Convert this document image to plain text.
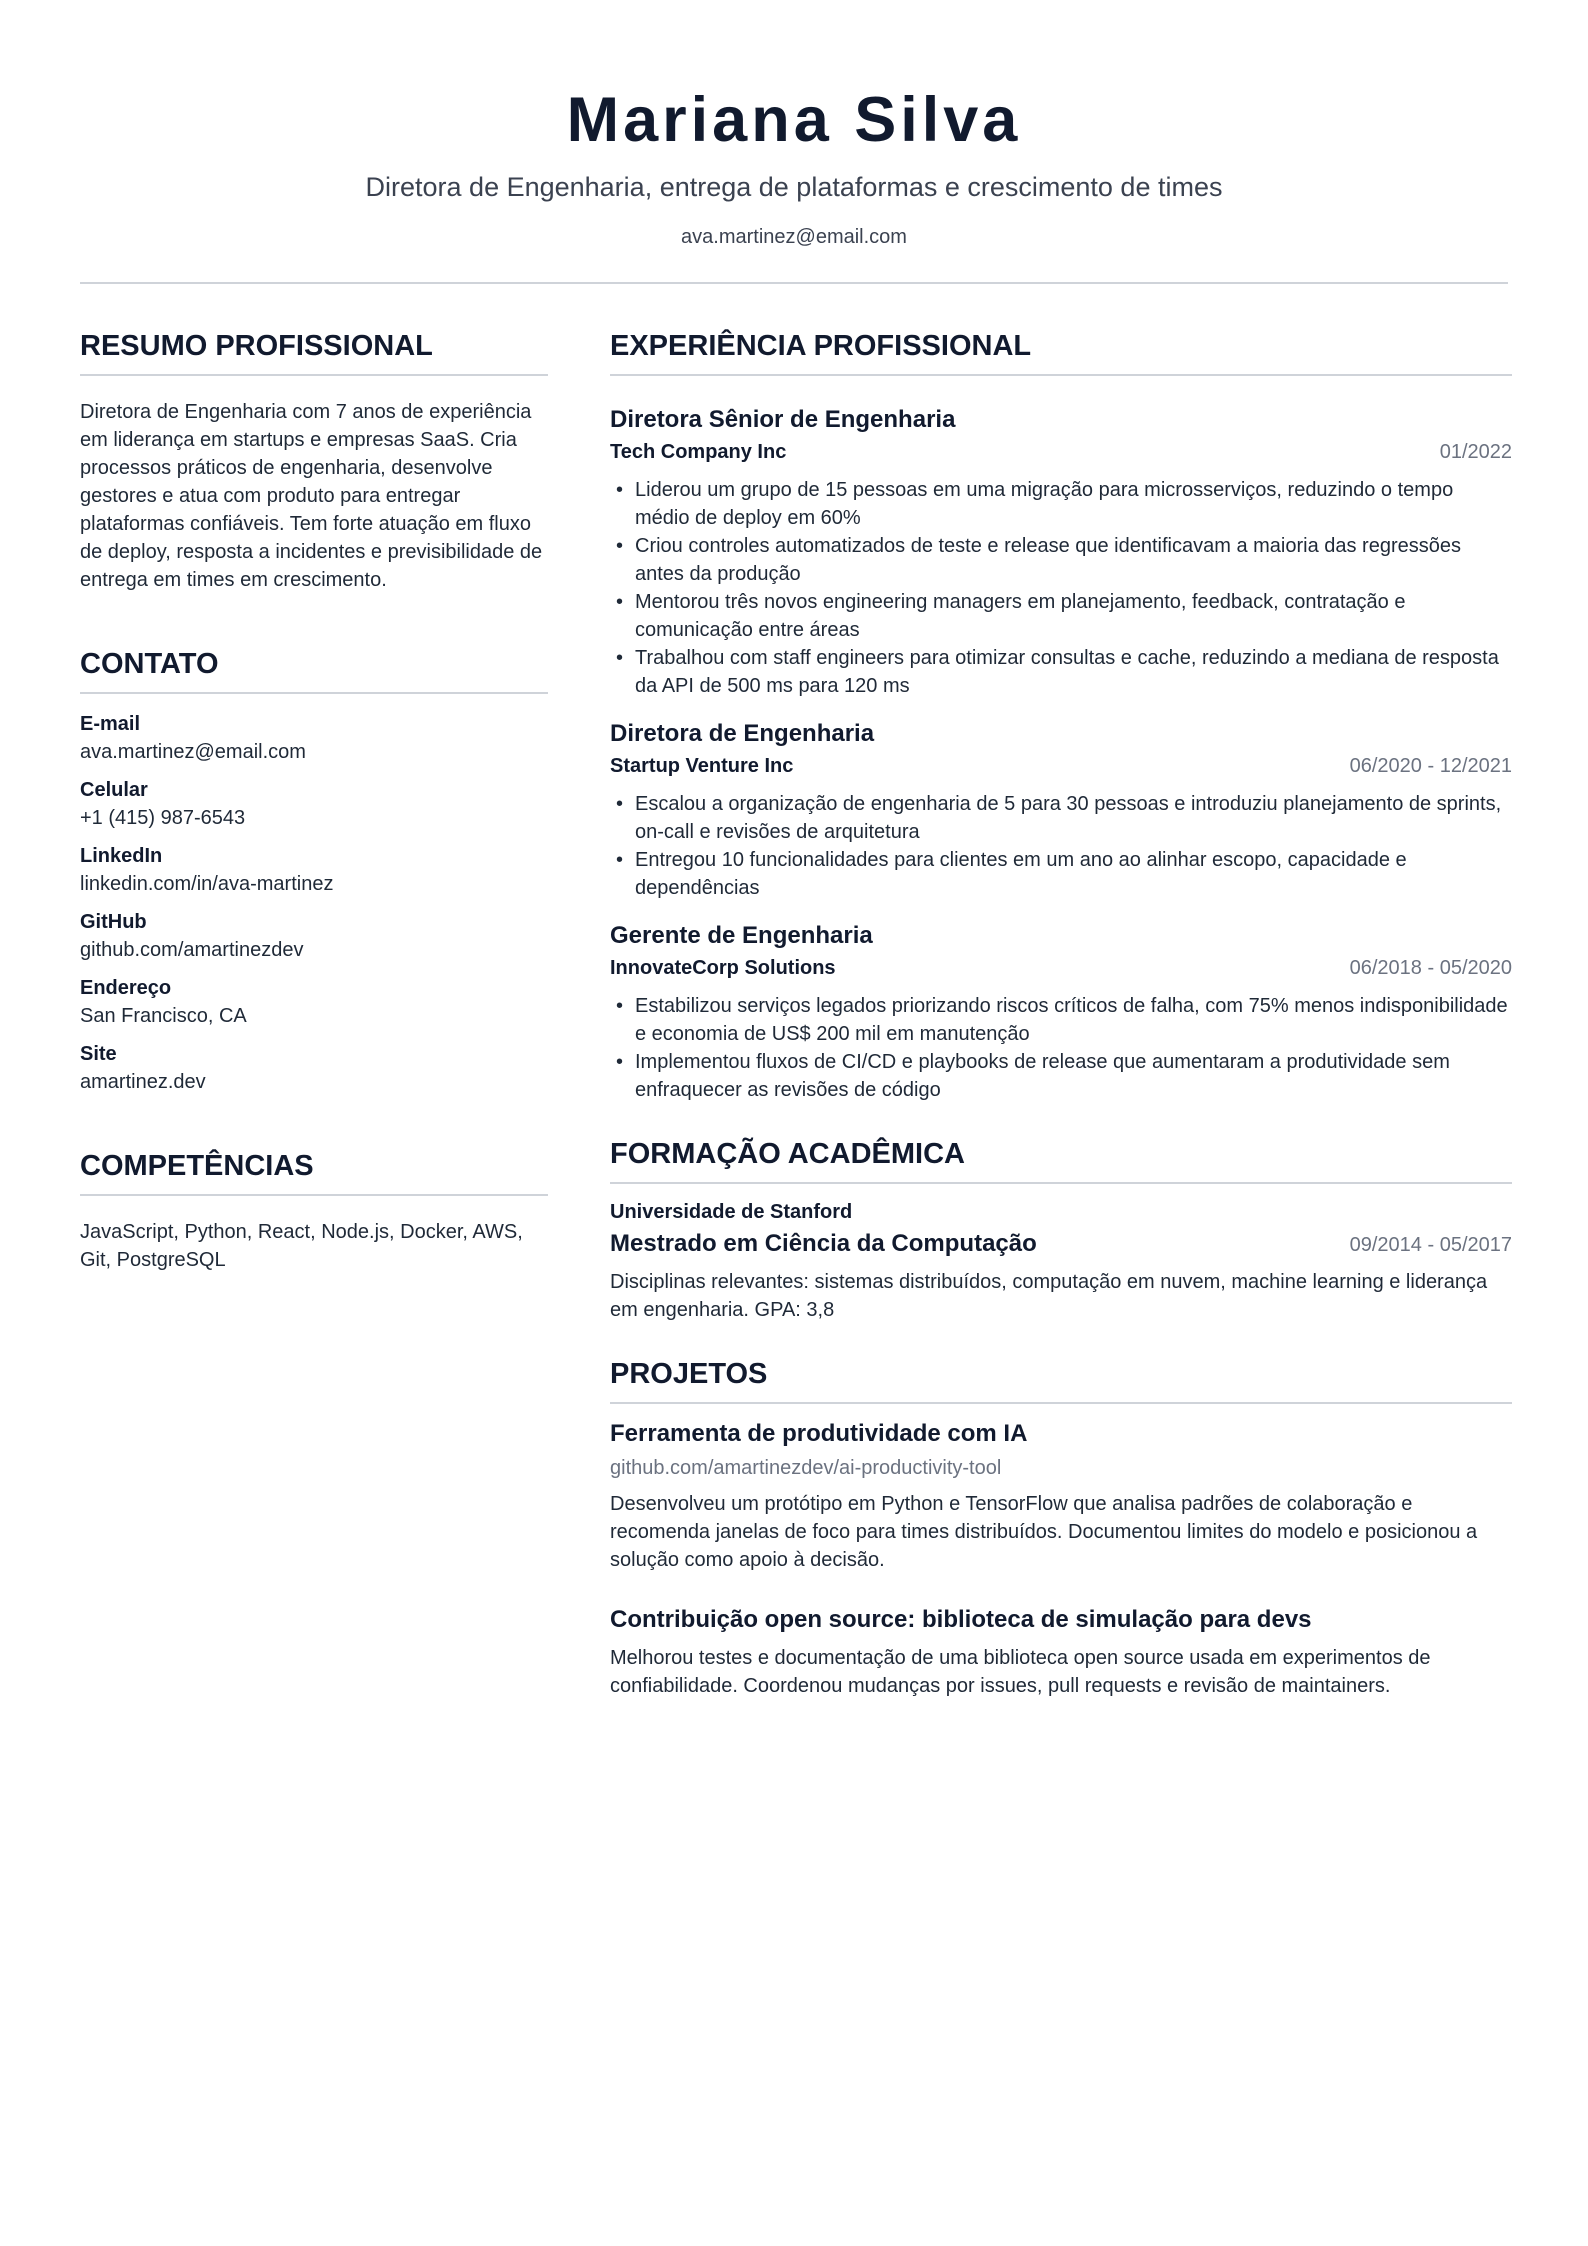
Mariana Silva
Diretora de Engenharia, entrega de plataformas e crescimento de times
ava.martinez@email.com
RESUMO PROFISSIONAL
Diretora de Engenharia com 7 anos de experiência em liderança em startups e empresas SaaS. Cria processos práticos de engenharia, desenvolve gestores e atua com produto para entregar plataformas confiáveis. Tem forte atuação em fluxo de deploy, resposta a incidentes e previsibilidade de entrega em times em crescimento.
CONTATO
E-mail
ava.martinez@email.com
Celular
+1 (415) 987-6543
LinkedIn
linkedin.com/in/ava-martinez
GitHub
github.com/amartinezdev
Endereço
San Francisco, CA
Site
amartinez.dev
COMPETÊNCIAS
JavaScript, Python, React, Node.js, Docker, AWS, Git, PostgreSQL
EXPERIÊNCIA PROFISSIONAL
Diretora Sênior de Engenharia
Tech Company Inc	01/2022
• Liderou um grupo de 15 pessoas em uma migração para microsserviços, reduzindo o tempo médio de deploy em 60%
• Criou controles automatizados de teste e release que identificavam a maioria das regressões antes da produção
• Mentorou três novos engineering managers em planejamento, feedback, contratação e comunicação entre áreas
• Trabalhou com staff engineers para otimizar consultas e cache, reduzindo a mediana de resposta da API de 500 ms para 120 ms
Diretora de Engenharia
Startup Venture Inc	06/2020 - 12/2021
• Escalou a organização de engenharia de 5 para 30 pessoas e introduziu planejamento de sprints, on-call e revisões de arquitetura
• Entregou 10 funcionalidades para clientes em um ano ao alinhar escopo, capacidade e dependências
Gerente de Engenharia
InnovateCorp Solutions	06/2018 - 05/2020
• Estabilizou serviços legados priorizando riscos críticos de falha, com 75% menos indisponibilidade e economia de US$ 200 mil em manutenção
• Implementou fluxos de CI/CD e playbooks de release que aumentaram a produtividade sem enfraquecer as revisões de código
FORMAÇÃO ACADÊMICA
Universidade de Stanford
Mestrado em Ciência da Computação	09/2014 - 05/2017
Disciplinas relevantes: sistemas distribuídos, computação em nuvem, machine learning e liderança em engenharia. GPA: 3,8
PROJETOS
Ferramenta de produtividade com IA
github.com/amartinezdev/ai-productivity-tool
Desenvolveu um protótipo em Python e TensorFlow que analisa padrões de colaboração e recomenda janelas de foco para times distribuídos. Documentou limites do modelo e posicionou a solução como apoio à decisão.
Contribuição open source: biblioteca de simulação para devs
Melhorou testes e documentação de uma biblioteca open source usada em experimentos de confiabilidade. Coordenou mudanças por issues, pull requests e revisão de maintainers.
